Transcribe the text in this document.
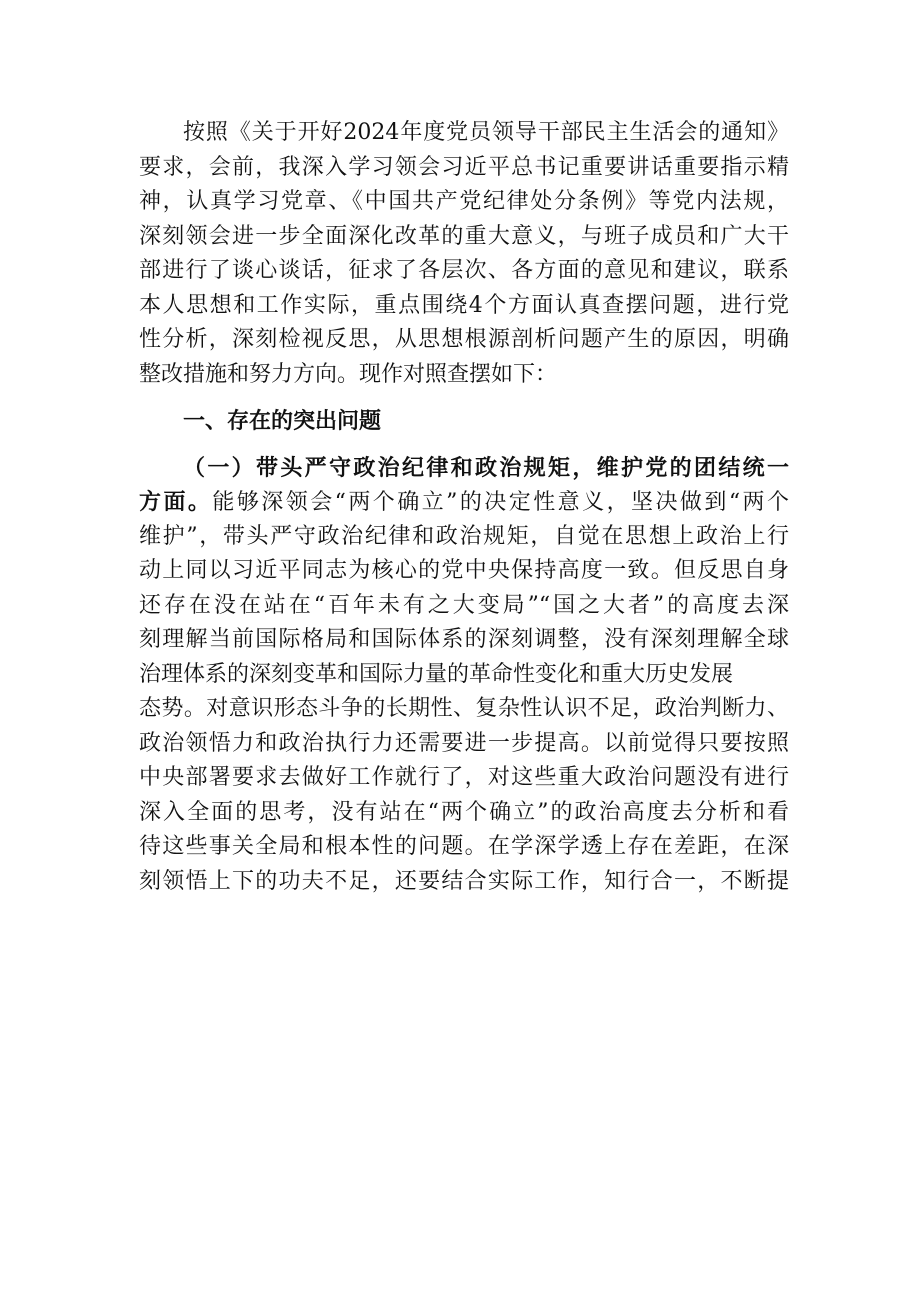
按照《关于开好2024年度党员领导干部民主生活会的通知》
要求，会前，我深入学习领会习近平总书记重要讲话重要指示精
神，认真学习党章、《中国共产党纪律处分条例》等党内法规，
深刻领会进一步全面深化改革的重大意义，与班子成员和广大干
部进行了谈心谈话，征求了各层次、各方面的意见和建议，联系
本人思想和工作实际，重点围绕4个方面认真查摆问题，进行党
性分析，深刻检视反思，从思想根源剖析问题产生的原因，明确
整改措施和努力方向。现作对照查摆如下：
一、存在的突出问题
（一）带头严守政治纪律和政治规矩，维护党的团结统一
方面。能够深领会“两个确立”的决定性意义，坚决做到“两个
维护”，带头严守政治纪律和政治规矩，自觉在思想上政治上行
动上同以习近平同志为核心的党中央保持高度一致。但反思自身
还存在没在站在“百年未有之大变局”“国之大者”的高度去深
刻理解当前国际格局和国际体系的深刻调整，没有深刻理解全球
治理体系的深刻变革和国际力量的革命性变化和重大历史发展
态势。对意识形态斗争的长期性、复杂性认识不足，政治判断力、
政治领悟力和政治执行力还需要进一步提高。以前觉得只要按照
中央部署要求去做好工作就行了，对这些重大政治问题没有进行
深入全面的思考，没有站在“两个确立”的政治高度去分析和看
待这些事关全局和根本性的问题。在学深学透上存在差距，在深
刻领悟上下的功夫不足，还要结合实际工作，知行合一，不断提
